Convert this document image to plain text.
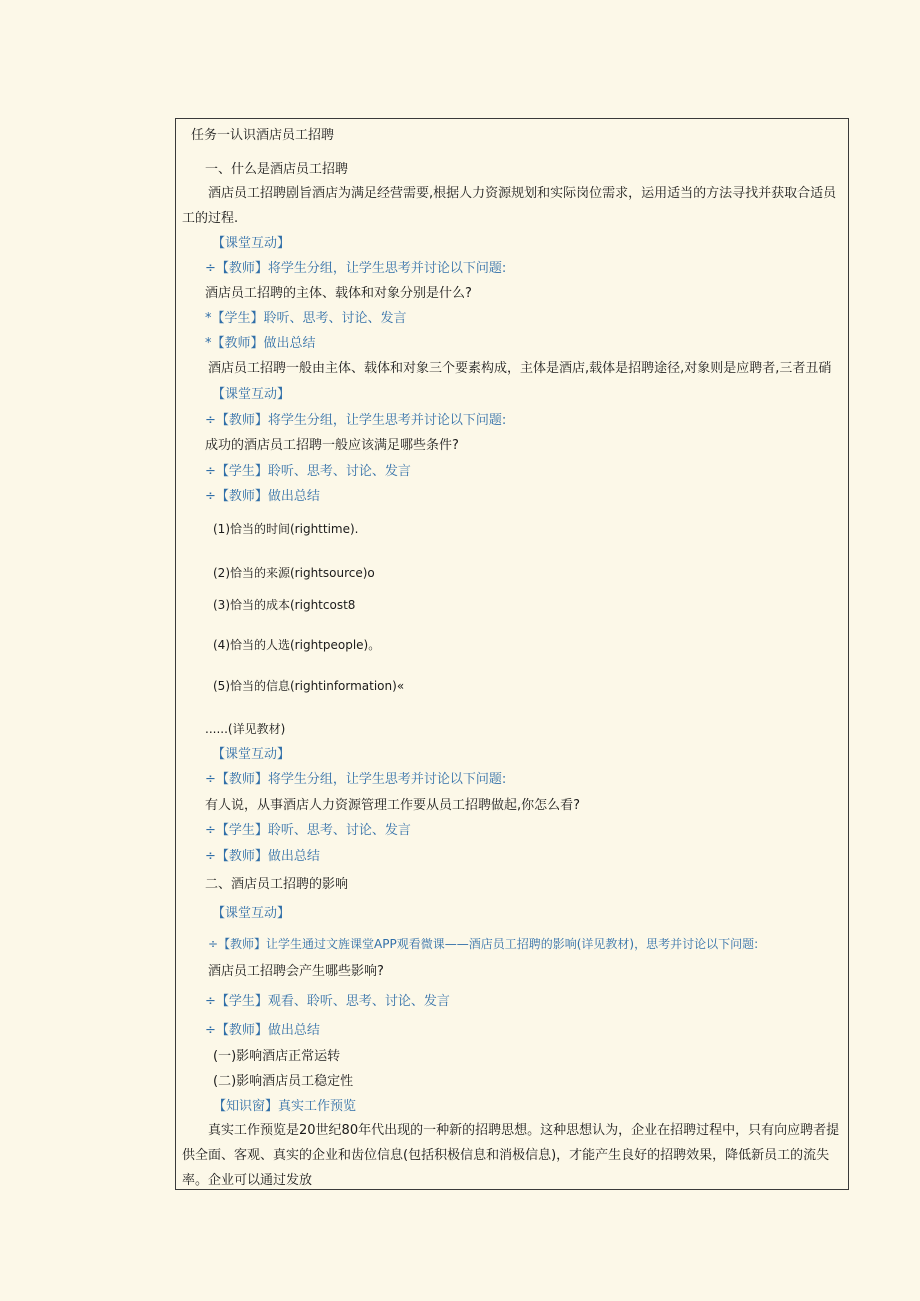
任务一认识酒店员工招聘
一、什么是酒店员工招聘
酒店员工招聘剧旨酒店为满足经营需要,根据人力资源规划和实际岗位需求，运用适当的方法寻找并获取合适员工的过程.
【课堂互动】
÷【教师】将学生分组，让学生思考并讨论以下问题:
酒店员工招聘的主体、载体和对象分别是什么?
*【学生】聆听、思考、讨论、发言
*【教师】做出总结
酒店员工招聘一般由主体、载体和对象三个要素构成，主体是酒店,载体是招聘途径,对象则是应聘者,三者丑硝
【课堂互动】
÷【教师】将学生分组，让学生思考并讨论以下问题:
成功的酒店员工招聘一般应该满足哪些条件?
÷【学生】聆听、思考、讨论、发言
÷【教师】做出总结
(1)恰当的时间(righttime).
(2)恰当的来源(rightsource)o
(3)恰当的成本(rightcost8
(4)恰当的人选(rightpeople)。
(5)恰当的信息(rightinformation)«
......(详见教材)
【课堂互动】
÷【教师】将学生分组，让学生思考并讨论以下问题:
有人说，从事酒店人力资源管理工作要从员工招聘做起,你怎么看?
÷【学生】聆听、思考、讨论、发言
÷【教师】做出总结
二、酒店员工招聘的影响
【课堂互动】
÷【教师】让学生通过文旌课堂APP观看微课——酒店员工招聘的影响(详见教材)，思考并讨论以下问题:
酒店员工招聘会产生哪些影响?
÷【学生】观看、聆听、思考、讨论、发言
÷【教师】做出总结
(一)影响酒店正常运转
(二)影响酒店员工稳定性
【知识窗】真实工作预览
真实工作预览是20世纪80年代出现的一种新的招聘思想。这种思想认为，企业在招聘过程中，只有向应聘者提供全面、客观、真实的企业和齿位信息(包括积极信息和消极信息)，才能产生良好的招聘效果，降低新员工的流失率。企业可以通过发放
